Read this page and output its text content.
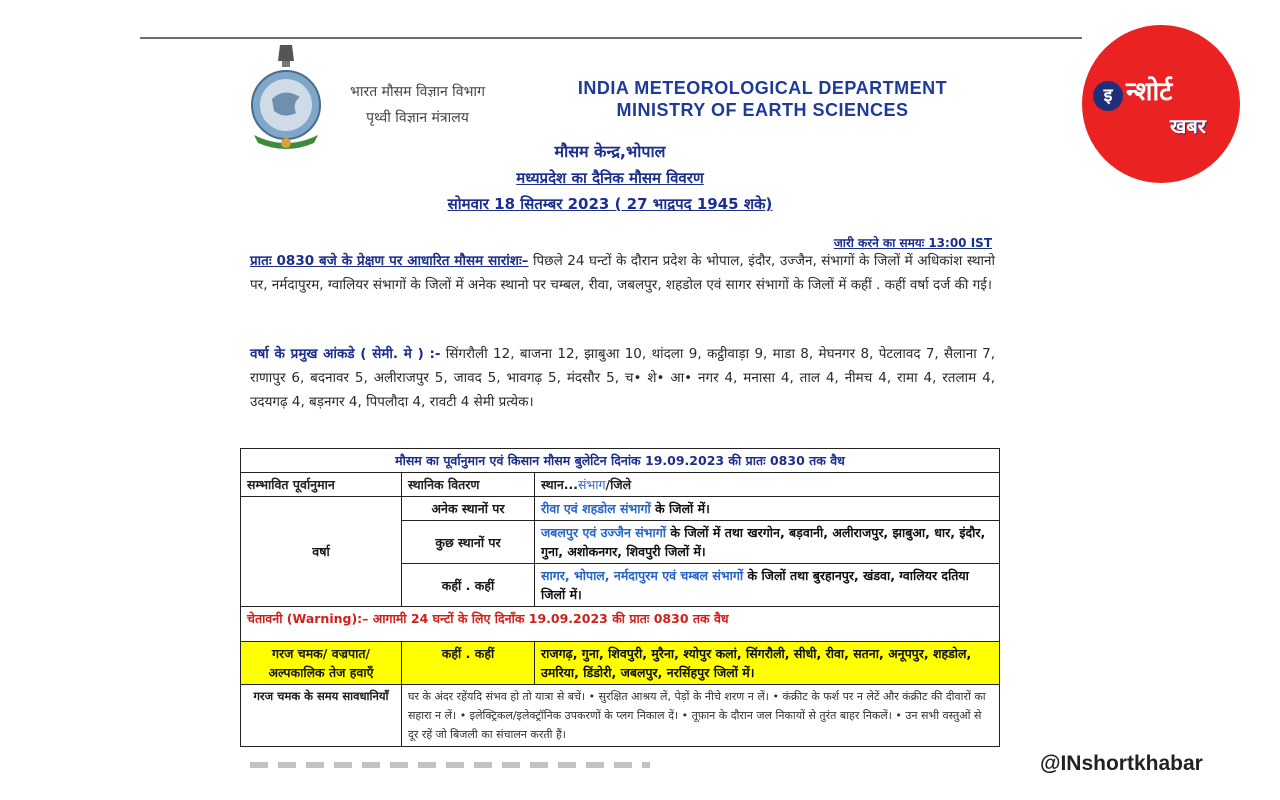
भारत मौसम विज्ञान विभाग
पृथ्वी विज्ञान मंत्रालय
INDIA METEOROLOGICAL DEPARTMENT
MINISTRY OF EARTH SCIENCES
मौसम केन्द्र,भोपाल
मध्यप्रदेश का दैनिक मौसम विवरण
सोमवार 18 सितम्बर 2023 ( 27 भाद्रपद 1945 शके)
जारी करने का समयः 13:00 IST
प्रातः 0830 बजे के प्रेक्षण पर आधारित मौसम सारांशः– पिछले 24 घन्टों के दौरान प्रदेश के भोपाल, इंदौर, उज्जैन, संभागों के जिलों में अधिकांश स्थानो पर, नर्मदापुरम, ग्वालियर संभागों के जिलों में अनेक स्थानो पर चम्बल, रीवा, जबलपुर, शहडोल एवं सागर संभागों के जिलों में कहीं . कहीं वर्षा दर्ज की गई।
वर्षा के प्रमुख आंकडे ( सेमी. मे ) :- सिंगरौली 12, बाजना 12, झाबुआ 10, थांदला 9, कट्ठीवाड़ा 9, माडा 8, मेघनगर 8, पेटलावद 7, सैलाना 7, राणापुर 6, बदनावर 5, अलीराजपुर 5, जावद 5, भावगढ़ 5, मंदसौर 5, च• शे• आ• नगर 4, मनासा 4, ताल 4, नीमच 4, रामा 4, रतलाम 4, उदयगढ़ 4, बड़नगर 4, पिपलौदा 4, रावटी 4 सेमी प्रत्येक।
मौसम का पूर्वानुमान एवं किसान मौसम बुलेटिन दिनांक 19.09.2023 की प्रातः 0830 तक वैध		
सम्भावित पूर्वानुमान	स्थानिक वितरण	स्थान...संभाग/जिले
वर्षा	अनेक स्थानों पर	रीवा एवं शहडोल संभागों के जिलों में।
	कुछ स्थानों पर	जबलपुर एवं उज्जैन संभागों के जिलों में तथा खरगोन, बड़वानी, अलीराजपुर, झाबुआ, धार, इंदौर, गुना, अशोकनगर, शिवपुरी जिलों में।
	कहीं . कहीं	सागर, भोपाल, नर्मदापुरम एवं चम्बल संभागों के जिलों तथा बुरहानपुर, खंडवा, ग्वालियर दतिया जिलों में।
चेतावनी (Warning):– आगामी 24 घन्टों के लिए दिनाँक 19.09.2023 की प्रातः 0830 तक वैध		
गरज चमक/ वज्रपात/ अल्पकालिक तेज हवाएँ	कहीं . कहीं	राजगढ़, गुना, शिवपुरी, मुरैना, श्योपुर कलां, सिंगरौली, सीधी, रीवा, सतना, अनूपपुर, शहडोल, उमरिया, डिंडोरी, जबलपुर, नरसिंहपुर जिलों में।
गरज चमक के समय सावधानियाँ	घर के अंदर रहेंयदि संभव हो तो यात्रा से बचें। • सुरक्षित आश्रय लें, पेड़ों के नीचे शरण न लें। • कंक्रीट के फर्श पर न लेटें और कंक्रीट की दीवारों का सहारा न लें। • इलेक्ट्रिकल/इलेक्ट्रॉनिक उपकरणों के प्लग निकाल दें। • तूफ़ान के दौरान जल निकायों से तुरंत बाहर निकलें। • उन सभी वस्तुओं से दूर रहें जो बिजली का संचालन करती हैं।	
इ न्शोर्ट
खबर
@INshortkhabar
